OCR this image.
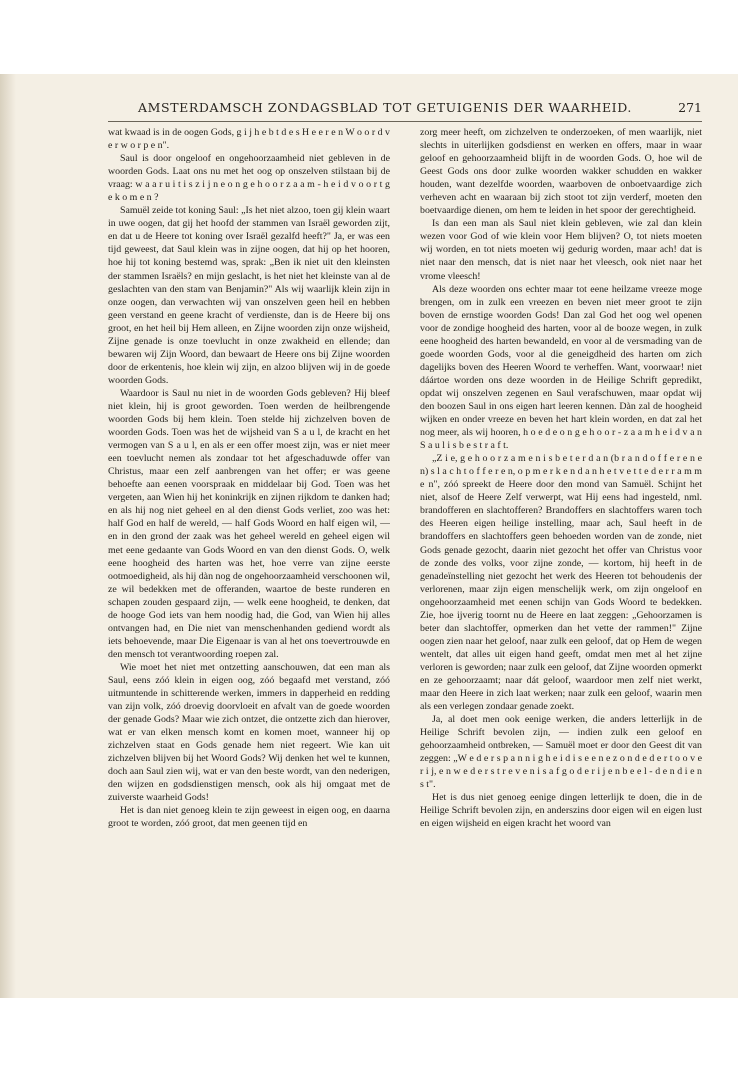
AMSTERDAMSCH ZONDAGSBLAD TOT GETUIGENIS DER WAARHEID.	271

wat kwaad is in de oogen Gods, g i j h e b t d e s H e e r e n W o o r d v e r w o r p e n".

Saul is door ongeloof en ongehoorzaamheid niet gebleven in de woorden Gods. Laat ons nu met het oog op onszelven stilstaan bij de vraag: w a a r u i t i s z i j n e o n g e h o o r z a a m - h e i d v o o r t g e k o m e n ?

Samuël zeide tot koning Saul: „Is het niet alzoo, toen gij klein waart in uwe oogen, dat gij het hoofd der stammen van Israël geworden zijt, en dat u de Heere tot koning over Israël gezalfd heeft?" Ja, er was een tijd geweest, dat Saul klein was in zijne oogen, dat hij op het hooren, hoe hij tot koning bestemd was, sprak: „Ben ik niet uit den kleinsten der stammen Israëls? en mijn geslacht, is het niet het kleinste van al de geslachten van den stam van Benjamin?" Als wij waarlijk klein zijn in onze oogen, dan verwachten wij van onszelven geen heil en hebben geen verstand en geene kracht of verdienste, dan is de Heere bij ons groot, en het heil bij Hem alleen, en Zijne woorden zijn onze wijsheid, Zijne genade is onze toevlucht in onze zwakheid en ellende; dan bewaren wij Zijn Woord, dan bewaart de Heere ons bij Zijne woorden door de erkentenis, hoe klein wij zijn, en alzoo blijven wij in de goede woorden Gods.

Waardoor is Saul nu niet in de woorden Gods gebleven? Hij bleef niet klein, hij is groot geworden. Toen werden de heilbrengende woorden Gods bij hem klein. Toen stelde hij zichzelven boven de woorden Gods. Toen was het de wijsheid van S a u l, de kracht en het vermogen van S a u l, en als er een offer moest zijn, was er niet meer een toevlucht nemen als zondaar tot het afgeschaduwde offer van Christus, maar een zelf aanbrengen van het offer; er was geene behoefte aan eenen voorspraak en middelaar bij God. Toen was het vergeten, aan Wien hij het koninkrijk en zijnen rijkdom te danken had; en als hij nog niet geheel en al den dienst Gods verliet, zoo was het: half God en half de wereld, — half Gods Woord en half eigen wil, — en in den grond der zaak was het geheel wereld en geheel eigen wil met eene gedaante van Gods Woord en van den dienst Gods. O, welk eene hoogheid des harten was het, hoe verre van zijne eerste ootmoedigheid, als hij dàn nog de ongehoorzaamheid verschoonen wil, ze wil bedekken met de offeranden, waartoe de beste runderen en schapen zouden gespaard zijn, — welk eene hoogheid, te denken, dat de hooge God iets van hem noodig had, die God, van Wien hij alles ontvangen had, en Die niet van menschenhanden gediend wordt als iets behoevende, maar Die Eigenaar is van al het ons toevertrouwde en den mensch tot verantwoording roepen zal.

Wie moet het niet met ontzetting aanschouwen, dat een man als Saul, eens zóó klein in eigen oog, zóó begaafd met verstand, zóó uitmuntende in schitterende werken, immers in dapperheid en redding van zijn volk, zóó droevig doorvloeit en afvalt van de goede woorden der genade Gods? Maar wie zich ontzet, die ontzette zich dan hierover, wat er van elken mensch komt en komen moet, wanneer hij op zichzelven staat en Gods genade hem niet regeert. Wie kan uit zichzelven blijven bij het Woord Gods? Wij denken het wel te kunnen, doch aan Saul zien wij, wat er van den beste wordt, van den nederigen, den wijzen en godsdienstigen mensch, ook als hij omgaat met de zuiverste waarheid Gods!

Het is dan niet genoeg klein te zijn geweest in eigen oog, en daarna groot te worden, zóó groot, dat men geenen tijd en

zorg meer heeft, om zichzelven te onderzoeken, of men waarlijk, niet slechts in uiterlijken godsdienst en werken en offers, maar in waar geloof en gehoorzaamheid blijft in de woorden Gods. O, hoe wil de Geest Gods ons door zulke woorden wakker schudden en wakker houden, want dezelfde woorden, waarboven de onboetvaardige zich verheven acht en waaraan bij zich stoot tot zijn verderf, moeten den boetvaardige dienen, om hem te leiden in het spoor der gerechtigheid.

Is dan een man als Saul niet klein gebleven, wie zal dan klein wezen voor God of wie klein voor Hem blijven? O, tot niets moeten wij worden, en tot niets moeten wij gedurig worden, maar ach! dat is niet naar den mensch, dat is niet naar het vleesch, ook niet naar het vrome vleesch!

Als deze woorden ons echter maar tot eene heilzame vreeze moge brengen, om in zulk een vreezen en beven niet meer groot te zijn boven de ernstige woorden Gods! Dan zal God het oog wel openen voor de zondige hoogheid des harten, voor al de booze wegen, in zulk eene hoogheid des harten bewandeld, en voor al de versmading van de goede woorden Gods, voor al die geneigdheid des harten om zich dagelijks boven des Heeren Woord te verheffen. Want, voorwaar! niet dáártoe worden ons deze woorden in de Heilige Schrift gepredikt, opdat wij onszelven zegenen en Saul verafschuwen, maar opdat wij den boozen Saul in ons eigen hart leeren kennen. Dàn zal de hoogheid wijken en onder vreeze en beven het hart klein worden, en dat zal het nog meer, als wij hooren, h o e d e o n g e h o o r - z a a m h e i d v a n S a u l i s b e s t r a f t.

„Z i e, g e h o o r z a m e n i s b e t e r d a n (b r a n d o f f e r e n e n) s l a c h t o f f e r e n, o p m e r k e n d a n h e t v e t t e d e r r a m m e n", zóó spreekt de Heere door den mond van Samuël. Schijnt het niet, alsof de Heere Zelf verwerpt, wat Hij eens had ingesteld, nml. brandofferen en slachtofferen? Brandoffers en slachtoffers waren toch des Heeren eigen heilige instelling, maar ach, Saul heeft in de brandoffers en slachtoffers geen behoeden worden van de zonde, niet Gods genade gezocht, daarin niet gezocht het offer van Christus voor de zonde des volks, voor zijne zonde, — kortom, hij heeft in de genadeïnstelling niet gezocht het werk des Heeren tot behoudenis der verlorenen, maar zijn eigen menschelijk werk, om zijn ongeloof en ongehoorzaamheid met eenen schijn van Gods Woord te bedekken. Zie, hoe ijverig toornt nu de Heere en laat zeggen: „Gehoorzamen is beter dan slachtoffer, opmerken dan het vette der rammen!" Zijne oogen zien naar het geloof, naar zulk een geloof, dat op Hem de wegen wentelt, dat alles uit eigen hand geeft, omdat men met al het zijne verloren is geworden; naar zulk een geloof, dat Zijne woorden opmerkt en ze gehoorzaamt; naar dát geloof, waardoor men zelf niet werkt, maar den Heere in zich laat werken; naar zulk een geloof, waarin men als een verlegen zondaar genade zoekt.

Ja, al doet men ook eenige werken, die anders letterlijk in de Heilige Schrift bevolen zijn, — indien zulk een geloof en gehoorzaamheid ontbreken, — Samuël moet er door den Geest dit van zeggen: „W e d e r s p a n n i g h e i d i s e e n e z o n d e d e r t o o v e r i j, e n w e d e r s t r e v e n i s a f g o d e r i j e n b e e l - d e n d i e n s t".

Het is dus niet genoeg eenige dingen letterlijk te doen, die in de Heilige Schrift bevolen zijn, en anderszins door eigen wil en eigen lust en eigen wijsheid en eigen kracht het woord van
